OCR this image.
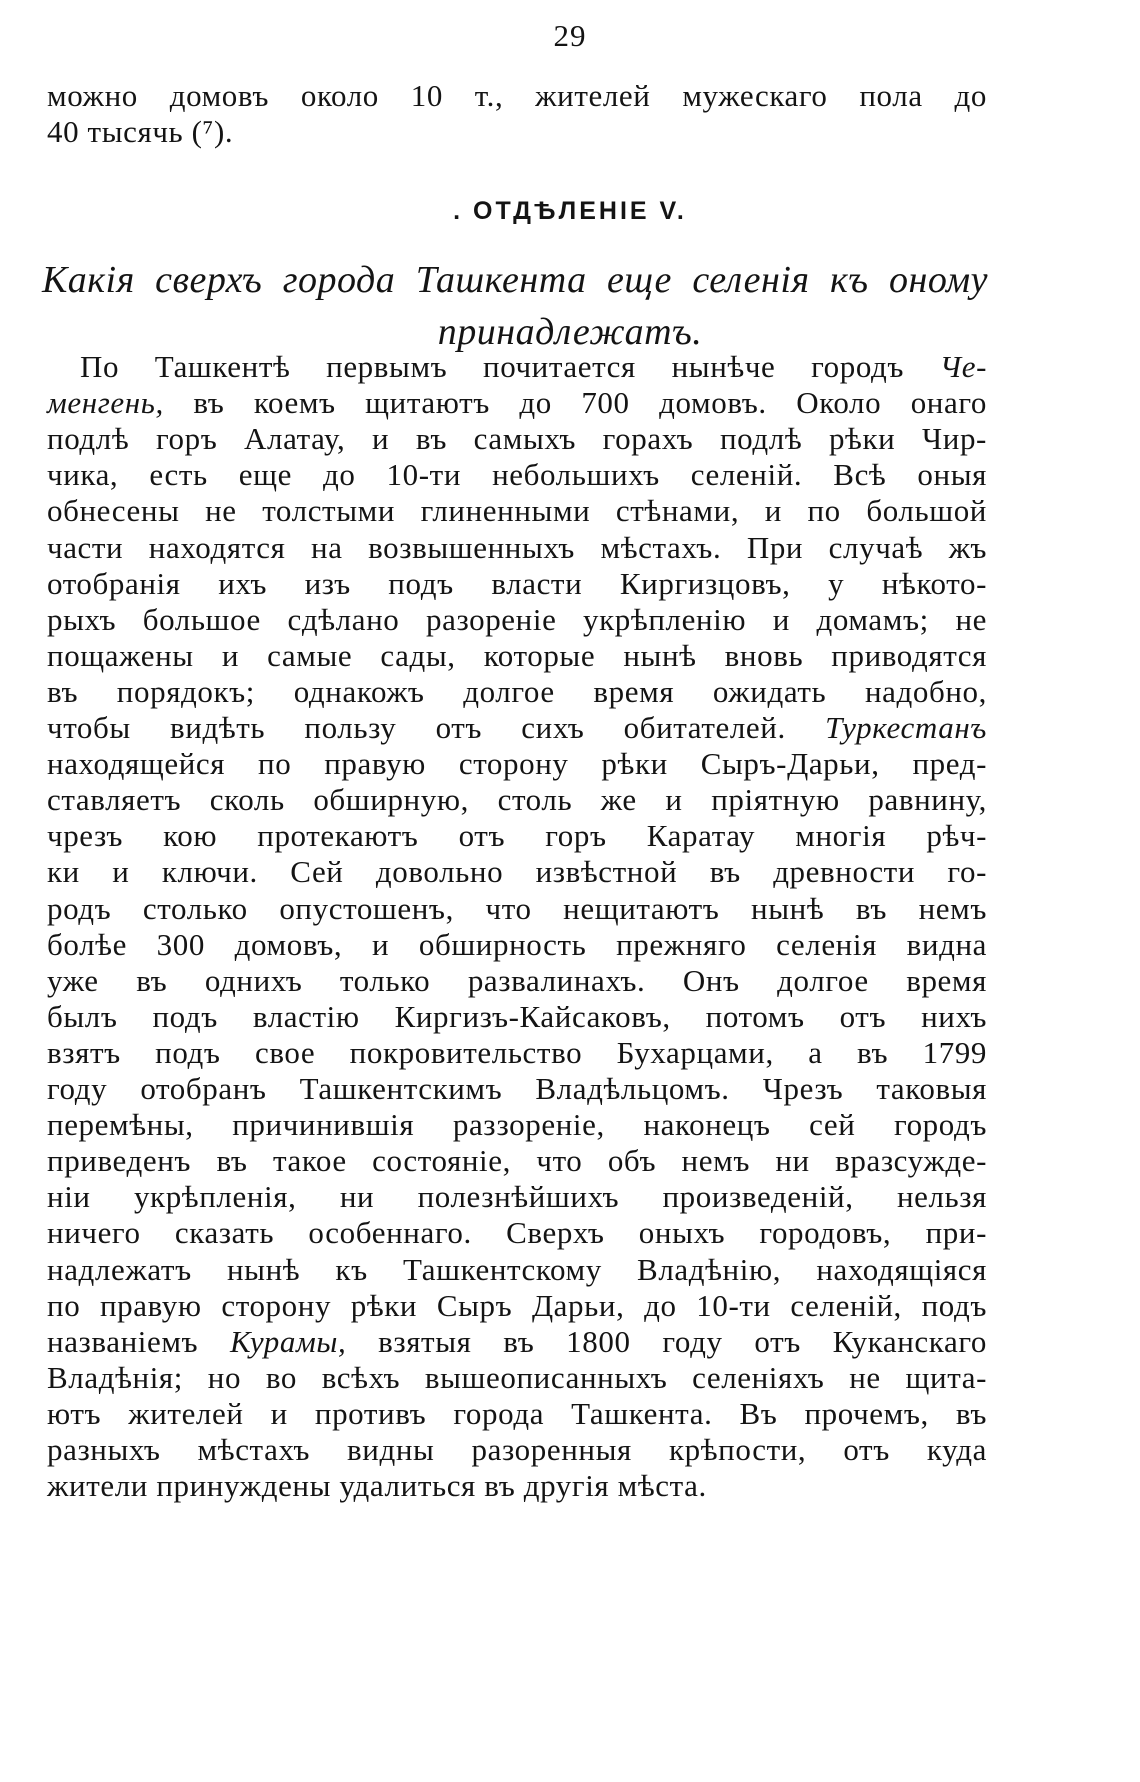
29
можно домовъ около 10 т., жителей мужескаго пола до
40 тысячь (⁷).
. ОТДѢЛЕНІЕ V.
Какія сверхъ города Ташкента еще селенія къ оному
принадлежатъ.
По Ташкентѣ первымъ почитается нынѣче городъ Че-
менгень, въ коемъ щитаютъ до 700 домовъ. Около онаго
подлѣ горъ Алатау, и въ самыхъ горахъ подлѣ рѣки Чир-
чика, есть еще до 10-ти небольшихъ селеній. Всѣ оныя
обнесены не толстыми глиненными стѣнами, и по большой
части находятся на возвышенныхъ мѣстахъ. При случаѣ жъ
отобранія ихъ изъ подъ власти Киргизцовъ, у нѣкото-
рыхъ большое сдѣлано разореніе укрѣпленію и домамъ; не
пощажены и самые сады, которые нынѣ вновь приводятся
въ порядокъ; однакожъ долгое время ожидать надобно,
чтобы видѣть пользу отъ сихъ обитателей. Туркестанъ
находящейся по правую сторону рѣки Сыръ-Дарьи, пред-
ставляетъ сколь обширную, столь же и пріятную равнину,
чрезъ кою протекаютъ отъ горъ Каратау многія рѣч-
ки и ключи. Сей довольно извѣстной въ древности го-
родъ столько опустошенъ, что нещитаютъ нынѣ въ немъ
болѣе 300 домовъ, и обширность прежняго селенія видна
уже въ однихъ только развалинахъ. Онъ долгое время
былъ подъ властію Киргизъ-Кайсаковъ, потомъ отъ нихъ
взятъ подъ свое покровительство Бухарцами, а въ 1799
году отобранъ Ташкентскимъ Владѣльцомъ. Чрезъ таковыя
перемѣны, причинившія раззореніе, наконецъ сей городъ
приведенъ въ такое состояніе, что объ немъ ни вразсужде-
ніи укрѣпленія, ни полезнѣйшихъ произведеній, нельзя
ничего сказать особеннаго. Сверхъ оныхъ городовъ, при-
надлежатъ нынѣ къ Ташкентскому Владѣнію, находящіяся
по правую сторону рѣки Сыръ Дарьи, до 10-ти селеній, подъ
названіемъ Курамы, взятыя въ 1800 году отъ Куканскаго
Владѣнія; но во всѣхъ вышеописанныхъ селеніяхъ не щита-
ютъ жителей и противъ города Ташкента. Въ прочемъ, въ
разныхъ мѣстахъ видны разоренныя крѣпости, отъ куда
жители принуждены удалиться въ другія мѣста.
